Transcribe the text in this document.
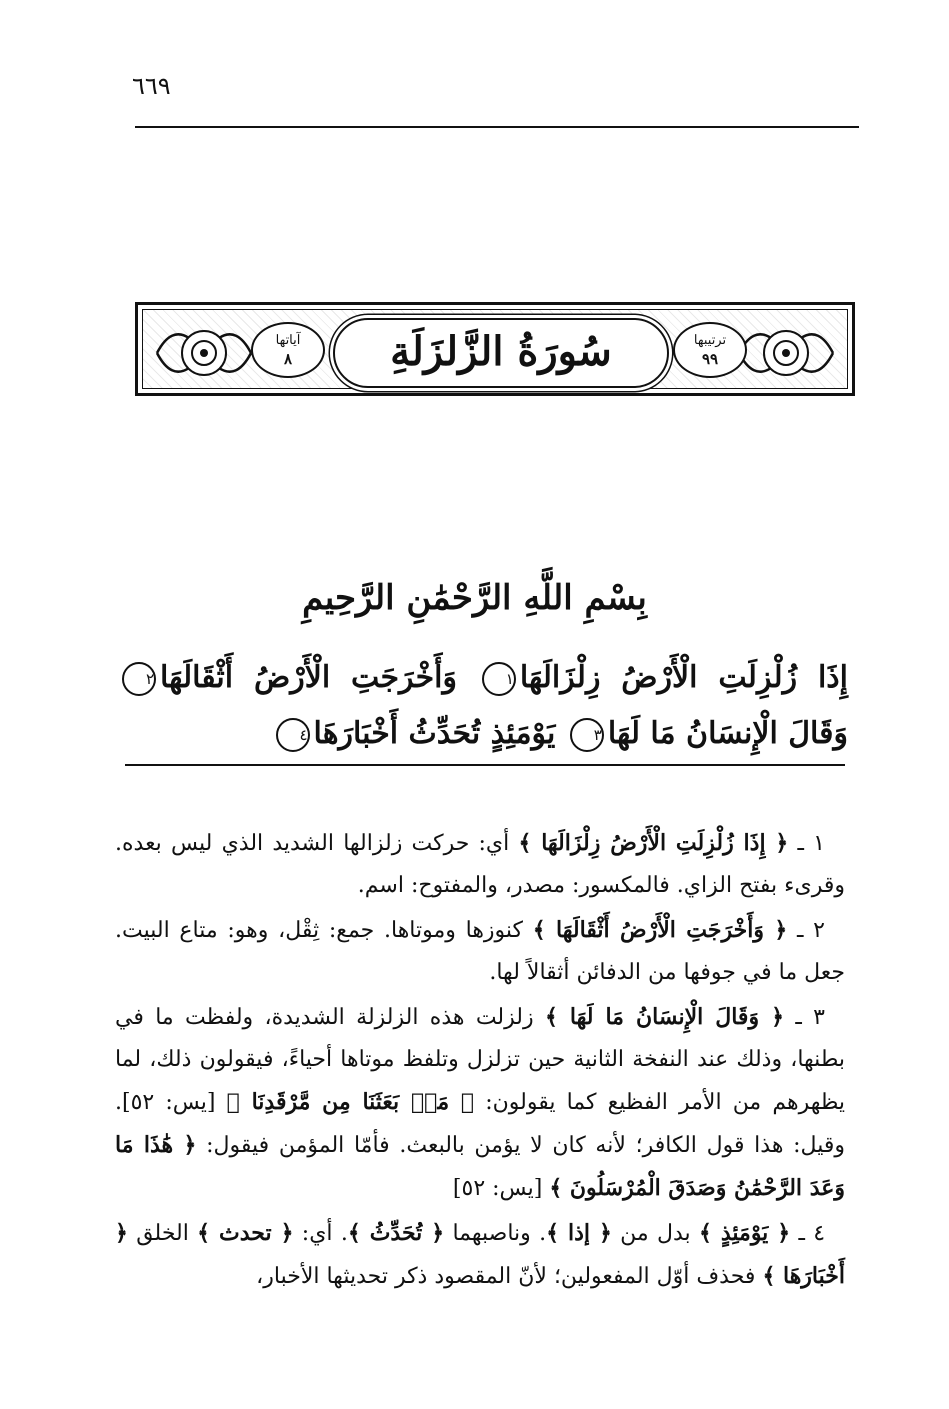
٦٦٩
آياتها
٨	سُورَةُ الزَّلزَلَةِ	ترتيبها
٩٩
بِسْمِ اللَّهِ الرَّحْمَٰنِ الرَّحِيمِ
إِذَا زُلْزِلَتِ الْأَرْضُ زِلْزَالَهَا١ وَأَخْرَجَتِ الْأَرْضُ أَثْقَالَهَا٢ وَقَالَ الْإِنسَانُ مَا لَهَا٣ يَوْمَئِذٍ تُحَدِّثُ أَخْبَارَهَا٤

١ ـ ﴿ إِذَا زُلْزِلَتِ الْأَرْضُ زِلْزَالَهَا ﴾ أي: حركت زلزالها الشديد الذي ليس بعده. وقرىء بفتح الزاي. فالمكسور: مصدر، والمفتوح: اسم.

٢ ـ ﴿ وَأَخْرَجَتِ الْأَرْضُ أَثْقَالَهَا ﴾ كنوزها وموتاها. جمع: ثِقْل، وهو: متاع البيت. جعل ما في جوفها من الدفائن أثقالاً لها.

٣ ـ ﴿ وَقَالَ الْإِنسَانُ مَا لَهَا ﴾ زلزلت هذه الزلزلة الشديدة، ولفظت ما في بطنها، وذلك عند النفخة الثانية حين تزلزل وتلفظ موتاها أحياءً، فيقولون ذلك، لما يظهرهم من الأمر الفظيع كما يقولون: ﴿ مَنۢ بَعَثَنَا مِن مَّرْقَدِنَا ﴾ [يس: ٥٢]. وقيل: هذا قول الكافر؛ لأنه كان لا يؤمن بالبعث. فأمّا المؤمن فيقول: ﴿ هَٰذَا مَا وَعَدَ الرَّحْمَٰنُ وَصَدَقَ الْمُرْسَلُونَ ﴾ [يس: ٥٢]

٤ ـ ﴿ يَوْمَئِذٍ ﴾ بدل من ﴿ إذا ﴾. وناصبهما ﴿ تُحَدِّثُ ﴾. أي: ﴿ تحدث ﴾ الخلق ﴿ أَخْبَارَهَا ﴾ فحذف أوّل المفعولين؛ لأنّ المقصود ذكر تحديثها الأخبار،
